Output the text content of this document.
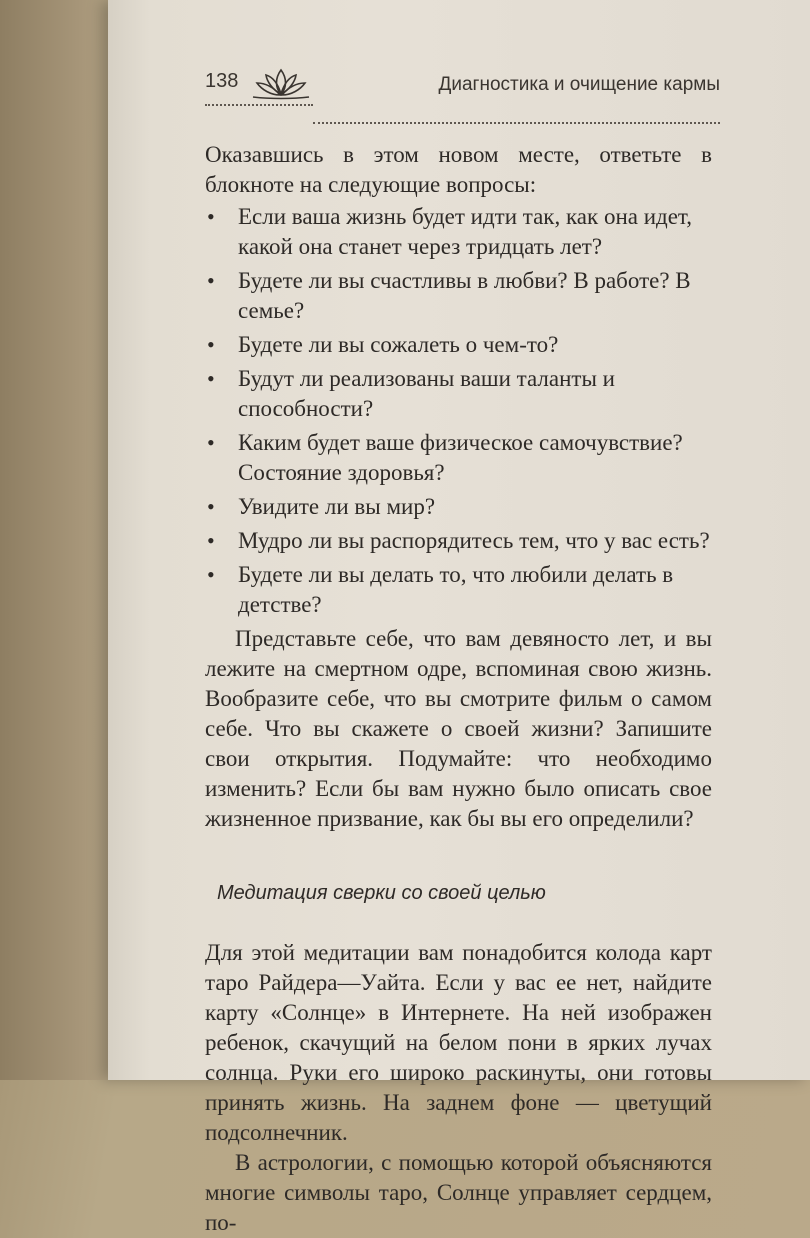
138	Диагностика и очищение кармы

Оказавшись в этом новом месте, ответьте в блокноте на следующие вопросы:

• Если ваша жизнь будет идти так, как она идет, какой она станет через тридцать лет?
• Будете ли вы счастливы в любви? В работе? В семье?
• Будете ли вы сожалеть о чем-то?
• Будут ли реализованы ваши таланты и способности?
• Каким будет ваше физическое самочувствие? Состояние здоровья?
• Увидите ли вы мир?
• Мудро ли вы распорядитесь тем, что у вас есть?
• Будете ли вы делать то, что любили делать в детстве?

Представьте себе, что вам девяносто лет, и вы лежите на смертном одре, вспоминая свою жизнь. Вообразите себе, что вы смотрите фильм о самом себе. Что вы скажете о своей жизни? Запишите свои открытия. Подумайте: что необходимо изменить? Если бы вам нужно было описать свое жизненное призвание, как бы вы его определили?

Медитация сверки со своей целью

Для этой медитации вам понадобится колода карт таро Райдера—Уайта. Если у вас ее нет, найдите карту «Солнце» в Интернете. На ней изображен ребенок, скачущий на белом пони в ярких лучах солнца. Руки его широко раскинуты, они готовы принять жизнь. На заднем фоне — цветущий подсолнечник.

В астрологии, с помощью которой объясняются многие символы таро, Солнце управляет сердцем, по-
